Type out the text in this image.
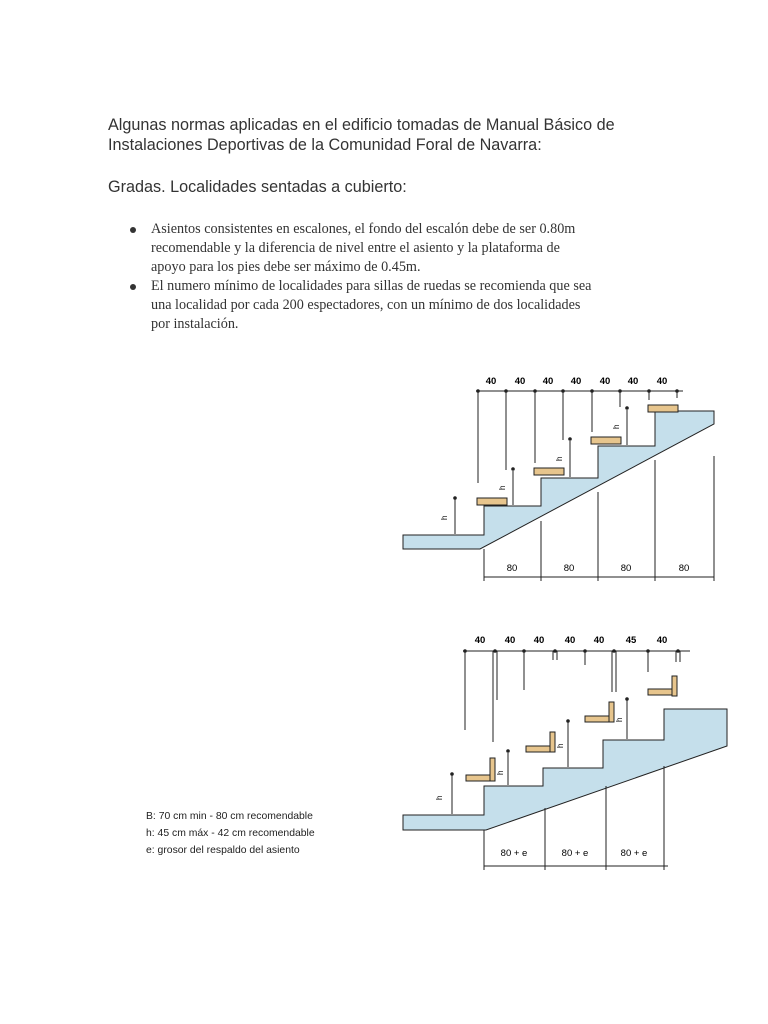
Algunas normas aplicadas en el edificio tomadas de Manual Básico de

Instalaciones Deportivas de la Comunidad Foral de Navarra:

Gradas. Localidades sentadas a cubierto:
Asientos consistentes en escalones, el fondo del escalón debe de ser 0.80m
recomendable y la diferencia de nivel entre el asiento y la plataforma de
apoyo para los pies debe ser máximo de 0.45m.
El numero mínimo de localidades para sillas de ruedas se recomienda que sea
una localidad por cada 200 espectadores, con un mínimo de dos localidades
por instalación.
40 40 40 40 40 40 40
h
h
h
h
80	80	80	80
40 40 40 40 40 45 40
h
h
h
h
80 + e	80 + e	80 + e
B: 70 cm min - 80 cm recomendable
h: 45 cm máx - 42 cm recomendable
e: grosor del respaldo del asiento
